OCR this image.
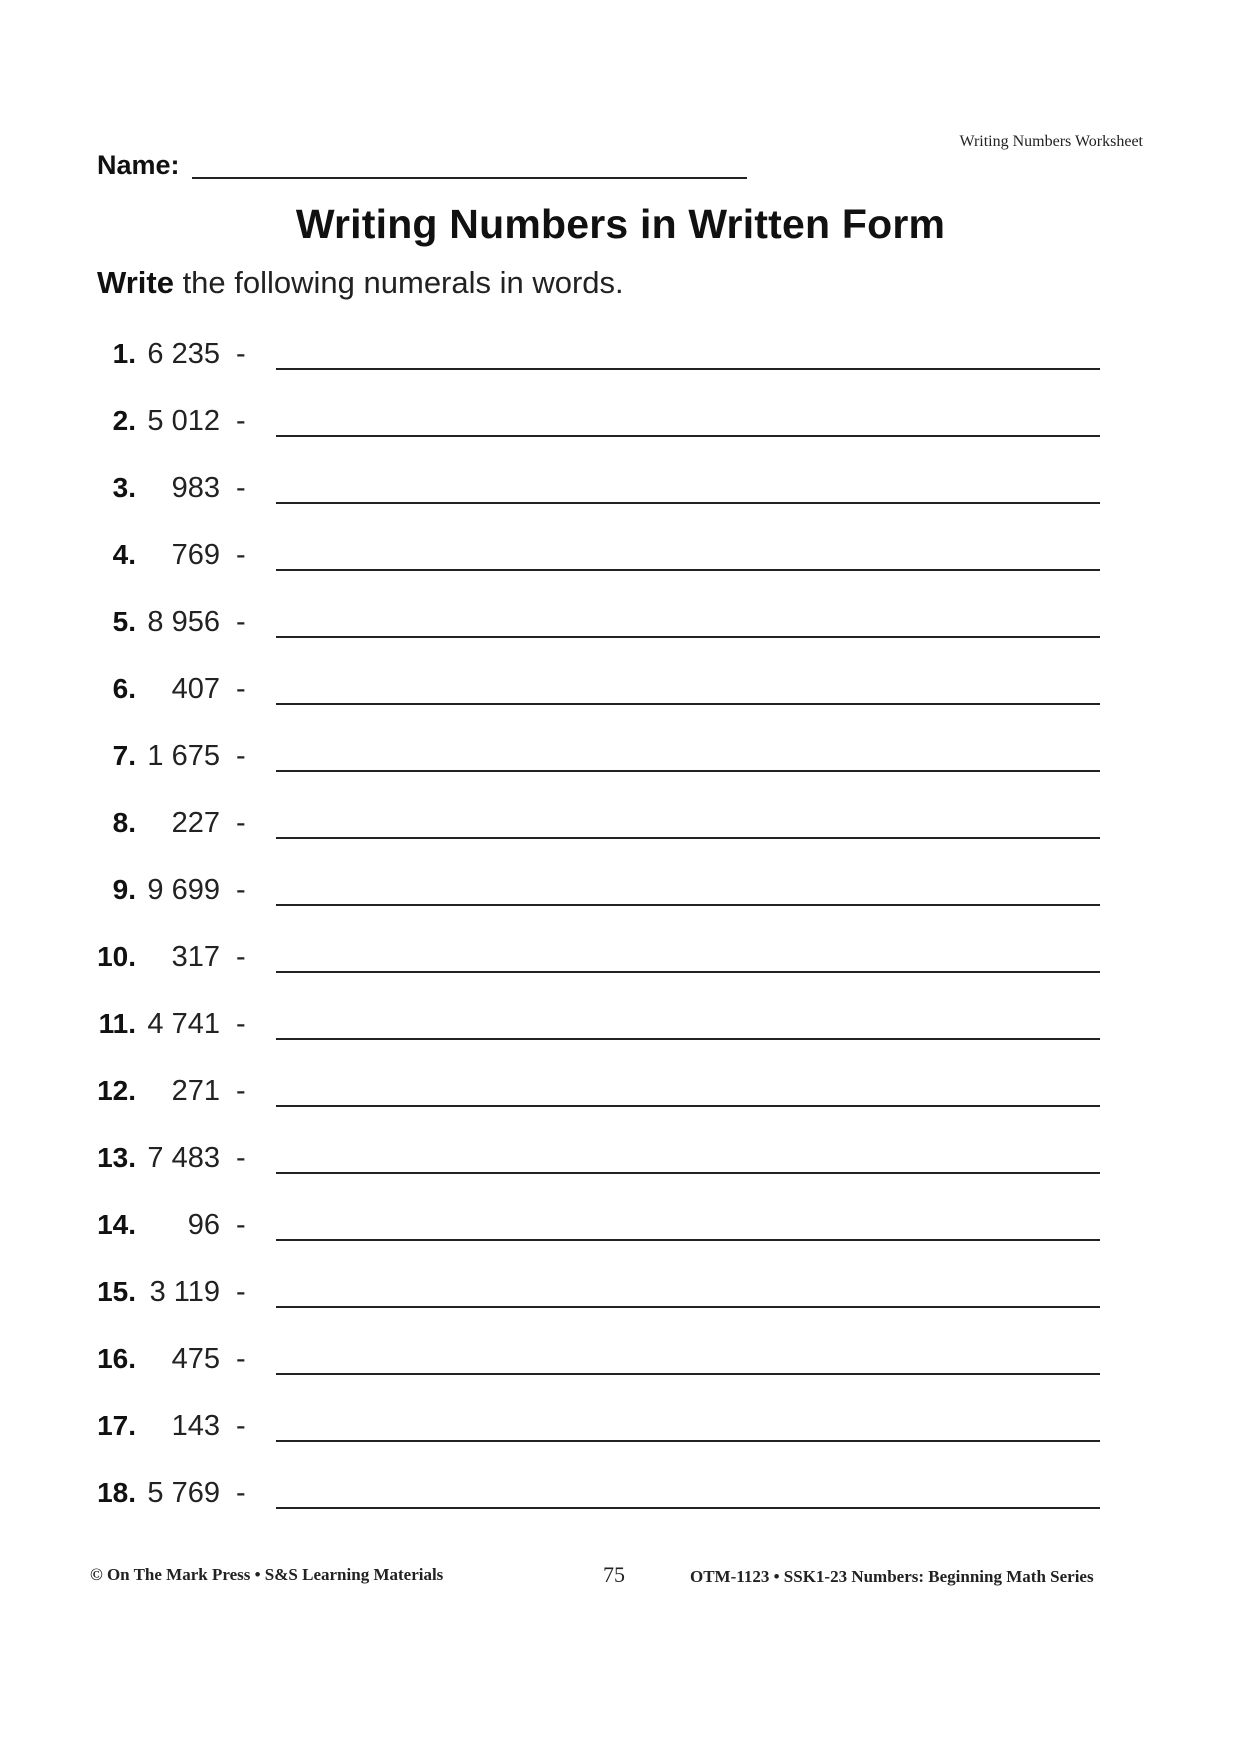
Writing Numbers Worksheet
Name:
Writing Numbers in Written Form
Write the following numerals in words.
1. 6 235 -
2. 5 012 -
3.	983 -
4.	769 -
5. 8 956 -
6.	407 -
7. 1 675 -
8.	227 -
9. 9 699 -
10.	317 -
11. 4 741 -
12.	271 -
13. 7 483 -
14.	96 -
15. 3 119 -
16.	475 -
17.	143 -
18. 5 769 -
© On The Mark Press • S&S Learning Materials	75	OTM-1123 • SSK1-23 Numbers: Beginning Math Series
